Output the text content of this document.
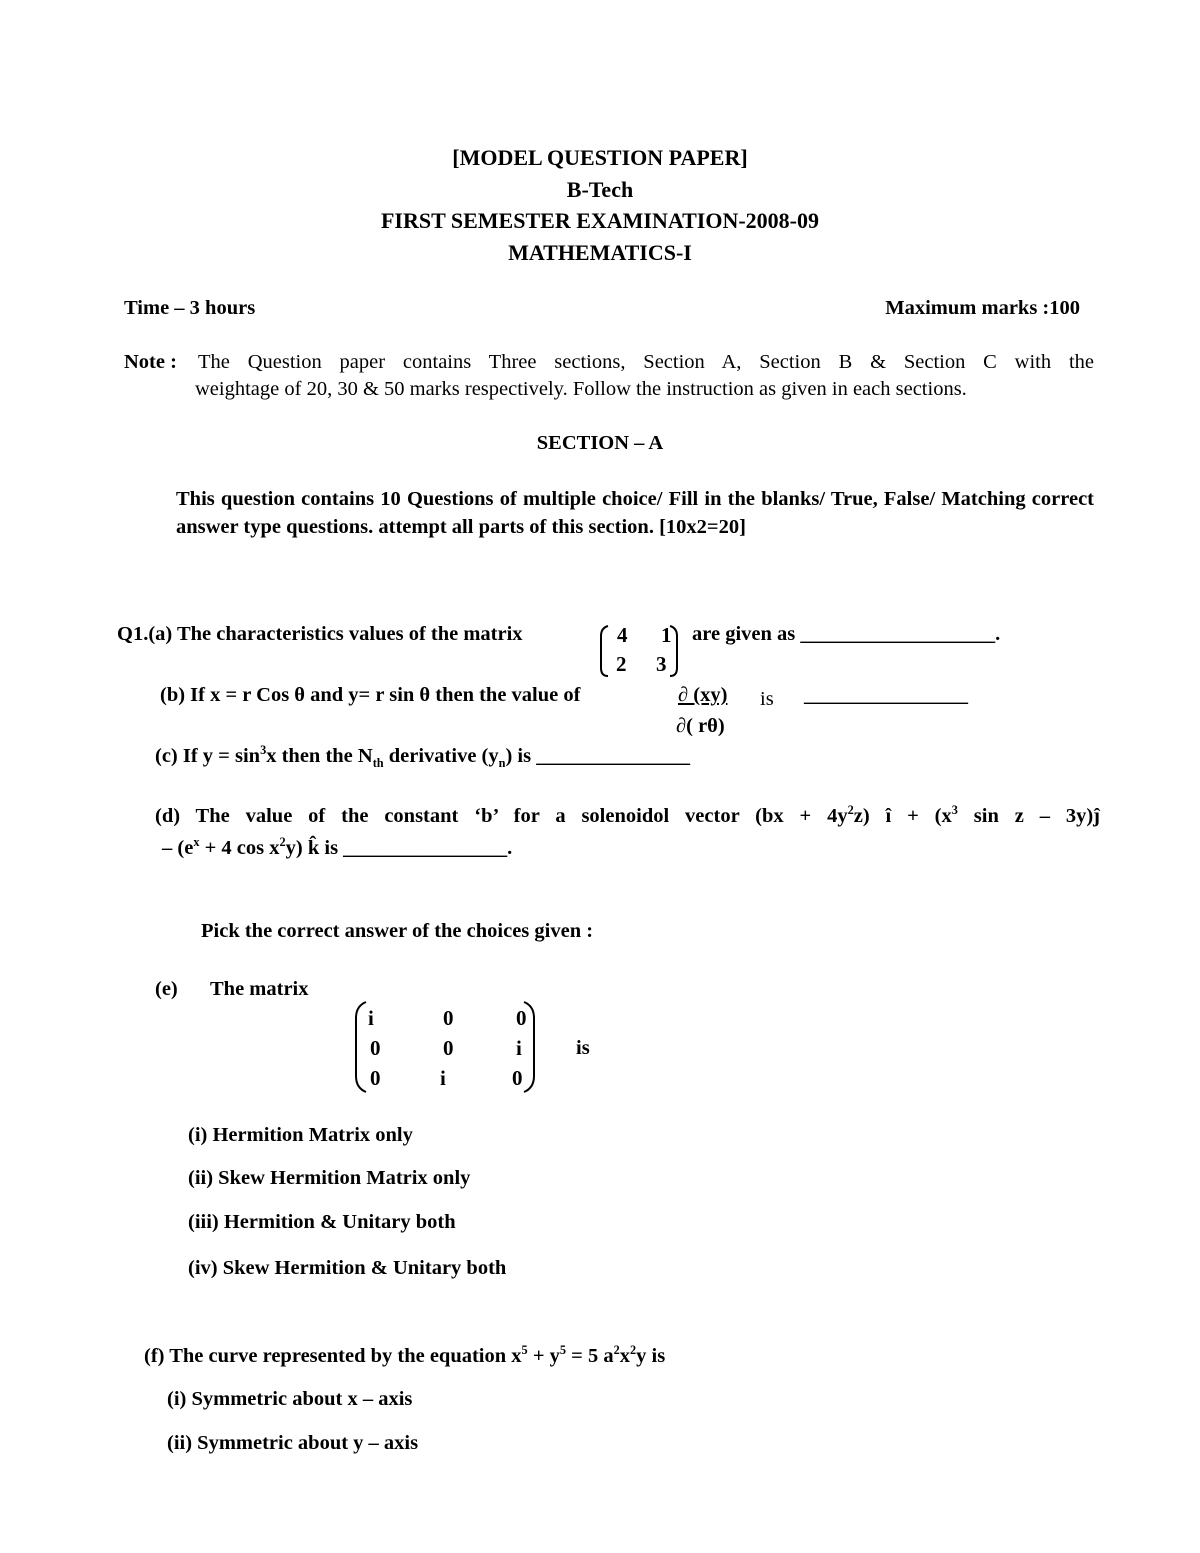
[MODEL QUESTION PAPER]
B-Tech
FIRST SEMESTER EXAMINATION-2008-09
MATHEMATICS-I
Time – 3 hours	Maximum marks :100
Note : The Question paper contains Three sections, Section A, Section B & Section C with the
weightage of 20, 30 & 50 marks respectively. Follow the instruction as given in each sections.
SECTION – A
This question contains 10 Questions of multiple choice/ Fill in the blanks/ True, False/ Matching correct answer type questions. attempt all parts of this section. [10x2=20]
Q1.(a) The characteristics values of the matrix	4 1
2 3
are given as ___________________.
(b) If x = r Cos θ and y= r sin θ then the value of	∂ (xy) is ________________
∂( rθ)
(c) If $y = \sin^3x$ then the $N_{th}$ derivative $(y_n)$ is _______________
(d) The value of the constant ‘b’ for a solenoidol vector $(bx + 4y^2z)$ î + ($x^3$ sin z – 3y)ĵ
– ($e^x + 4$ $\cos x^2y$) k̂ is ________________.
Pick the correct answer of the choices given :
(e) The matrix
i	0	0
0	0	i
0	i	0
is
(i) Hermition Matrix only
(ii) Skew Hermition Matrix only
(iii) Hermition & Unitary both
(iv) Skew Hermition & Unitary both
(f) The curve represented by the equation $x^5 + y^5 = 5$ $a^2x^2y$ is
(i) Symmetric about x – axis
(ii) Symmetric about y – axis
